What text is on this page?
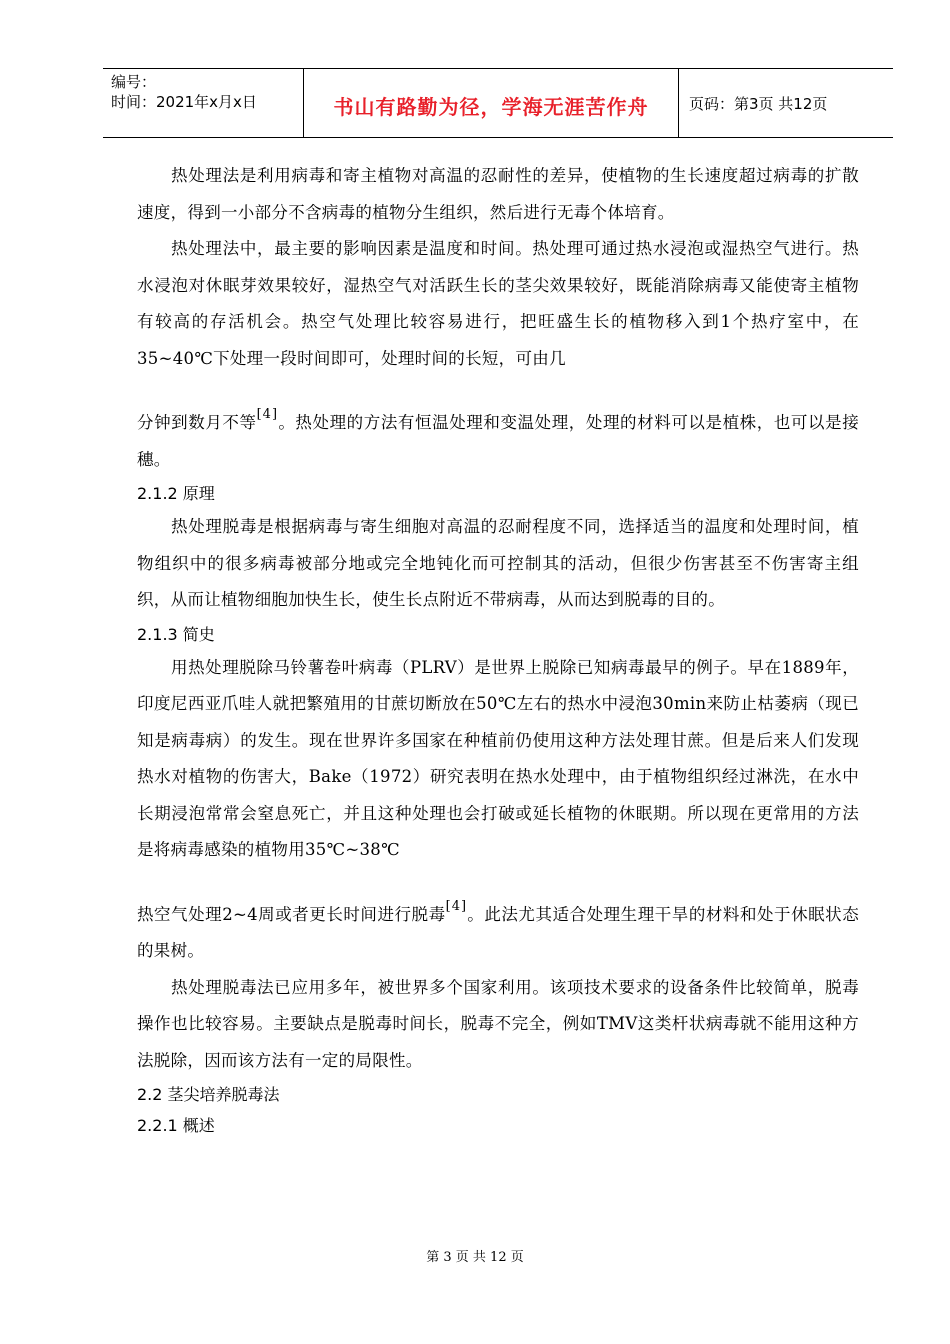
编号：
时间：2021年x月x日	书山有路勤为径，学海无涯苦作舟	页码：第3页 共12页

热处理法是利用病毒和寄主植物对高温的忍耐性的差异，使植物的生长速度超过病毒的扩散速度，得到一小部分不含病毒的植物分生组织，然后进行无毒个体培育。

热处理法中，最主要的影响因素是温度和时间。热处理可通过热水浸泡或湿热空气进行。热水浸泡对休眠芽效果较好，湿热空气对活跃生长的茎尖效果较好，既能消除病毒又能使寄主植物有较高的存活机会。热空气处理比较容易进行，把旺盛生长的植物移入到1个热疗室中，在35~40℃下处理一段时间即可，处理时间的长短，可由几
分钟到数月不等[4]。热处理的方法有恒温处理和变温处理，处理的材料可以是植株，也可以是接穗。

2.1.2 原理

热处理脱毒是根据病毒与寄生细胞对高温的忍耐程度不同，选择适当的温度和处理时间，植物组织中的很多病毒被部分地或完全地钝化而可控制其的活动，但很少伤害甚至不伤害寄主组织，从而让植物细胞加快生长，使生长点附近不带病毒，从而达到脱毒的目的。

2.1.3 简史

用热处理脱除马铃薯卷叶病毒（PLRV）是世界上脱除已知病毒最早的例子。早在1889年，印度尼西亚爪哇人就把繁殖用的甘蔗切断放在50℃左右的热水中浸泡30min来防止枯萎病（现已知是病毒病）的发生。现在世界许多国家在种植前仍使用这种方法处理甘蔗。但是后来人们发现热水对植物的伤害大，Bake（1972）研究表明在热水处理中，由于植物组织经过淋洗，在水中长期浸泡常常会窒息死亡，并且这种处理也会打破或延长植物的休眠期。所以现在更常用的方法是将病毒感染的植物用35℃~38℃
热空气处理2~4周或者更长时间进行脱毒[4]。此法尤其适合处理生理干旱的材料和处于休眠状态的果树。

热处理脱毒法已应用多年，被世界多个国家利用。该项技术要求的设备条件比较简单，脱毒操作也比较容易。主要缺点是脱毒时间长，脱毒不完全，例如TMV这类杆状病毒就不能用这种方法脱除，因而该方法有一定的局限性。

2.2 茎尖培养脱毒法

2.2.1 概述

第 3 页 共 12 页
